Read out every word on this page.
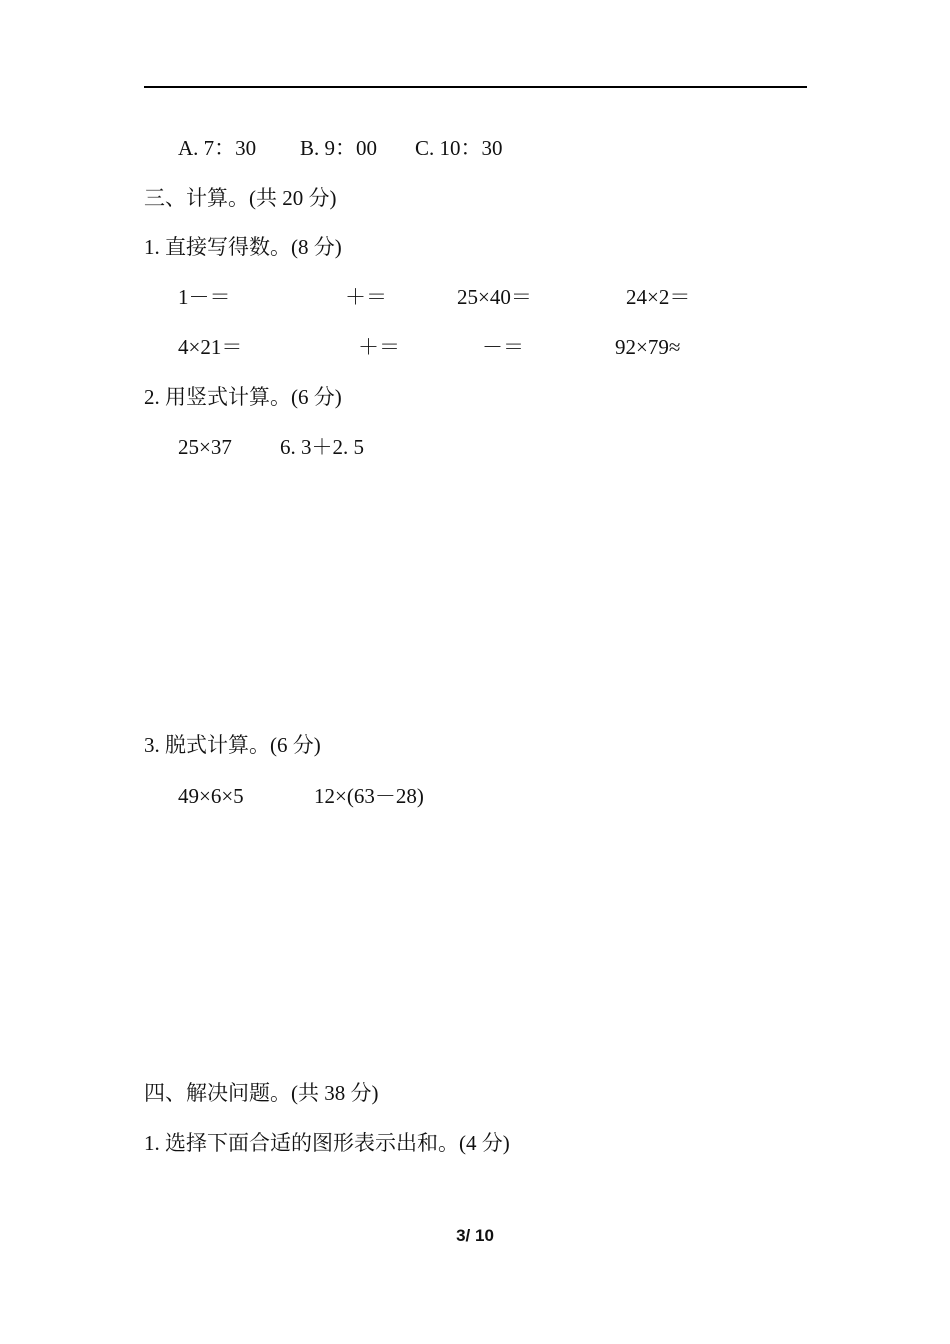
A. 7：30 B. 9：00 C. 10：30
三、计算。(共 20 分)
1. 直接写得数。(8 分)
1－＝	＋＝	25×40＝	24×2＝
4×21＝	＋＝	－＝	92×79≈
2. 用竖式计算。(6 分)
25×37 6. 3＋2. 5
3. 脱式计算。(6 分)
49×6×5	12×(63－28)
四、解决问题。(共 38 分)
1. 选择下面合适的图形表示出和。(4 分)
3/ 10
